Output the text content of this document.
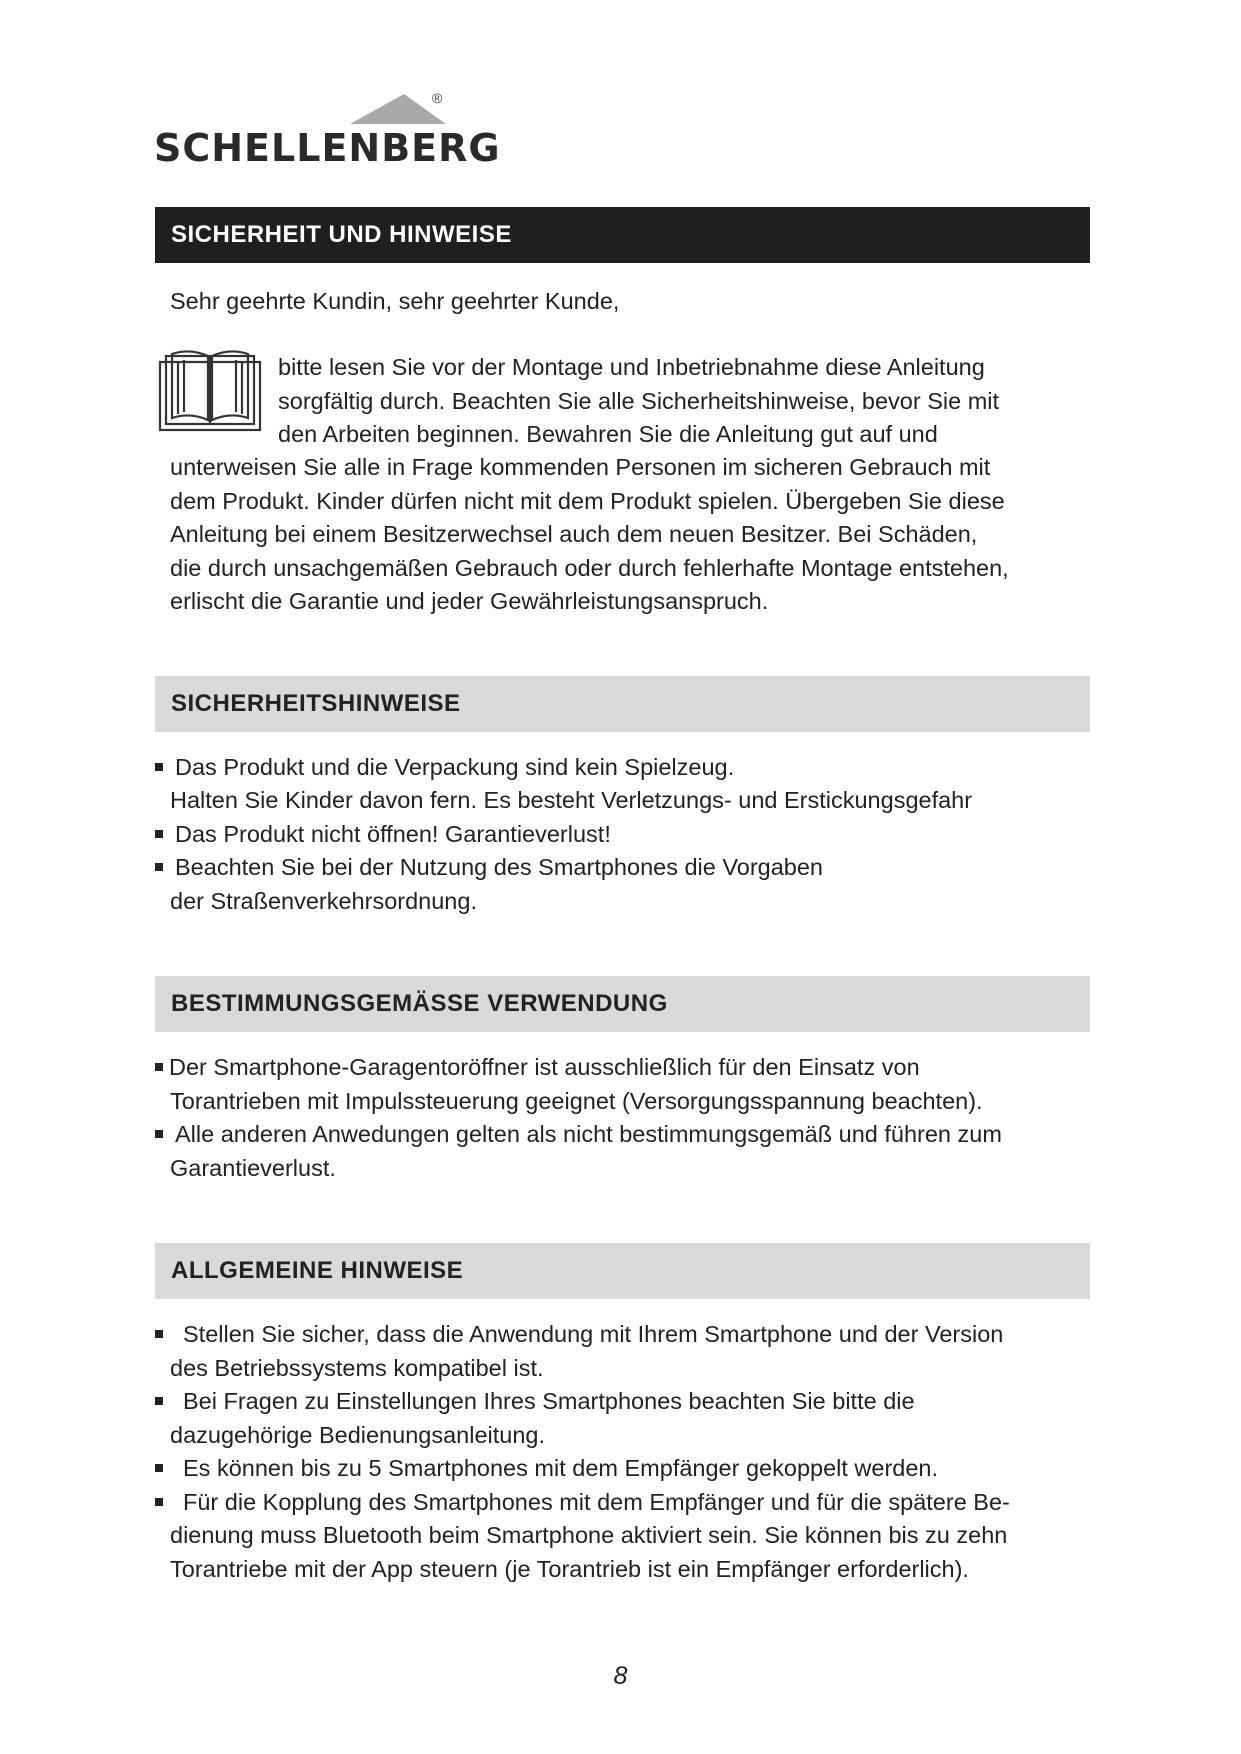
®
SCHELLENBERG
SICHERHEIT UND HINWEISE
Sehr geehrte Kundin, sehr geehrter Kunde,
bitte lesen Sie vor der Montage und Inbetriebnahme diese Anleitung
sorgfältig durch. Beachten Sie alle Sicherheitshinweise, bevor Sie mit
den Arbeiten beginnen. Bewahren Sie die Anleitung gut auf und
unterweisen Sie alle in Frage kommenden Personen im sicheren Gebrauch mit
dem Produkt. Kinder dürfen nicht mit dem Produkt spielen. Übergeben Sie diese
Anleitung bei einem Besitzerwechsel auch dem neuen Besitzer. Bei Schäden,
die durch unsachgemäßen Gebrauch oder durch fehlerhafte Montage entstehen,
erlischt die Garantie und jeder Gewährleistungsanspruch.
SICHERHEITSHINWEISE
Das Produkt und die Verpackung sind kein Spielzeug.
Halten Sie Kinder davon fern. Es besteht Verletzungs- und Erstickungsgefahr
Das Produkt nicht öffnen! Garantieverlust!
Beachten Sie bei der Nutzung des Smartphones die Vorgaben
der Straßenverkehrsordnung.
BESTIMMUNGSGEMÄSSE VERWENDUNG
Der Smartphone-Garagentoröffner ist ausschließlich für den Einsatz von
Torantrieben mit Impulssteuerung geeignet (Versorgungsspannung beachten).
Alle anderen Anwedungen gelten als nicht bestimmungsgemäß und führen zum
Garantieverlust.
ALLGEMEINE HINWEISE
Stellen Sie sicher, dass die Anwendung mit Ihrem Smartphone und der Version
des Betriebssystems kompatibel ist.
Bei Fragen zu Einstellungen Ihres Smartphones beachten Sie bitte die
dazugehörige Bedienungsanleitung.
Es können bis zu 5 Smartphones mit dem Empfänger gekoppelt werden.
Für die Kopplung des Smartphones mit dem Empfänger und für die spätere Be-
dienung muss Bluetooth beim Smartphone aktiviert sein. Sie können bis zu zehn
Torantriebe mit der App steuern (je Torantrieb ist ein Empfänger erforderlich).
8
